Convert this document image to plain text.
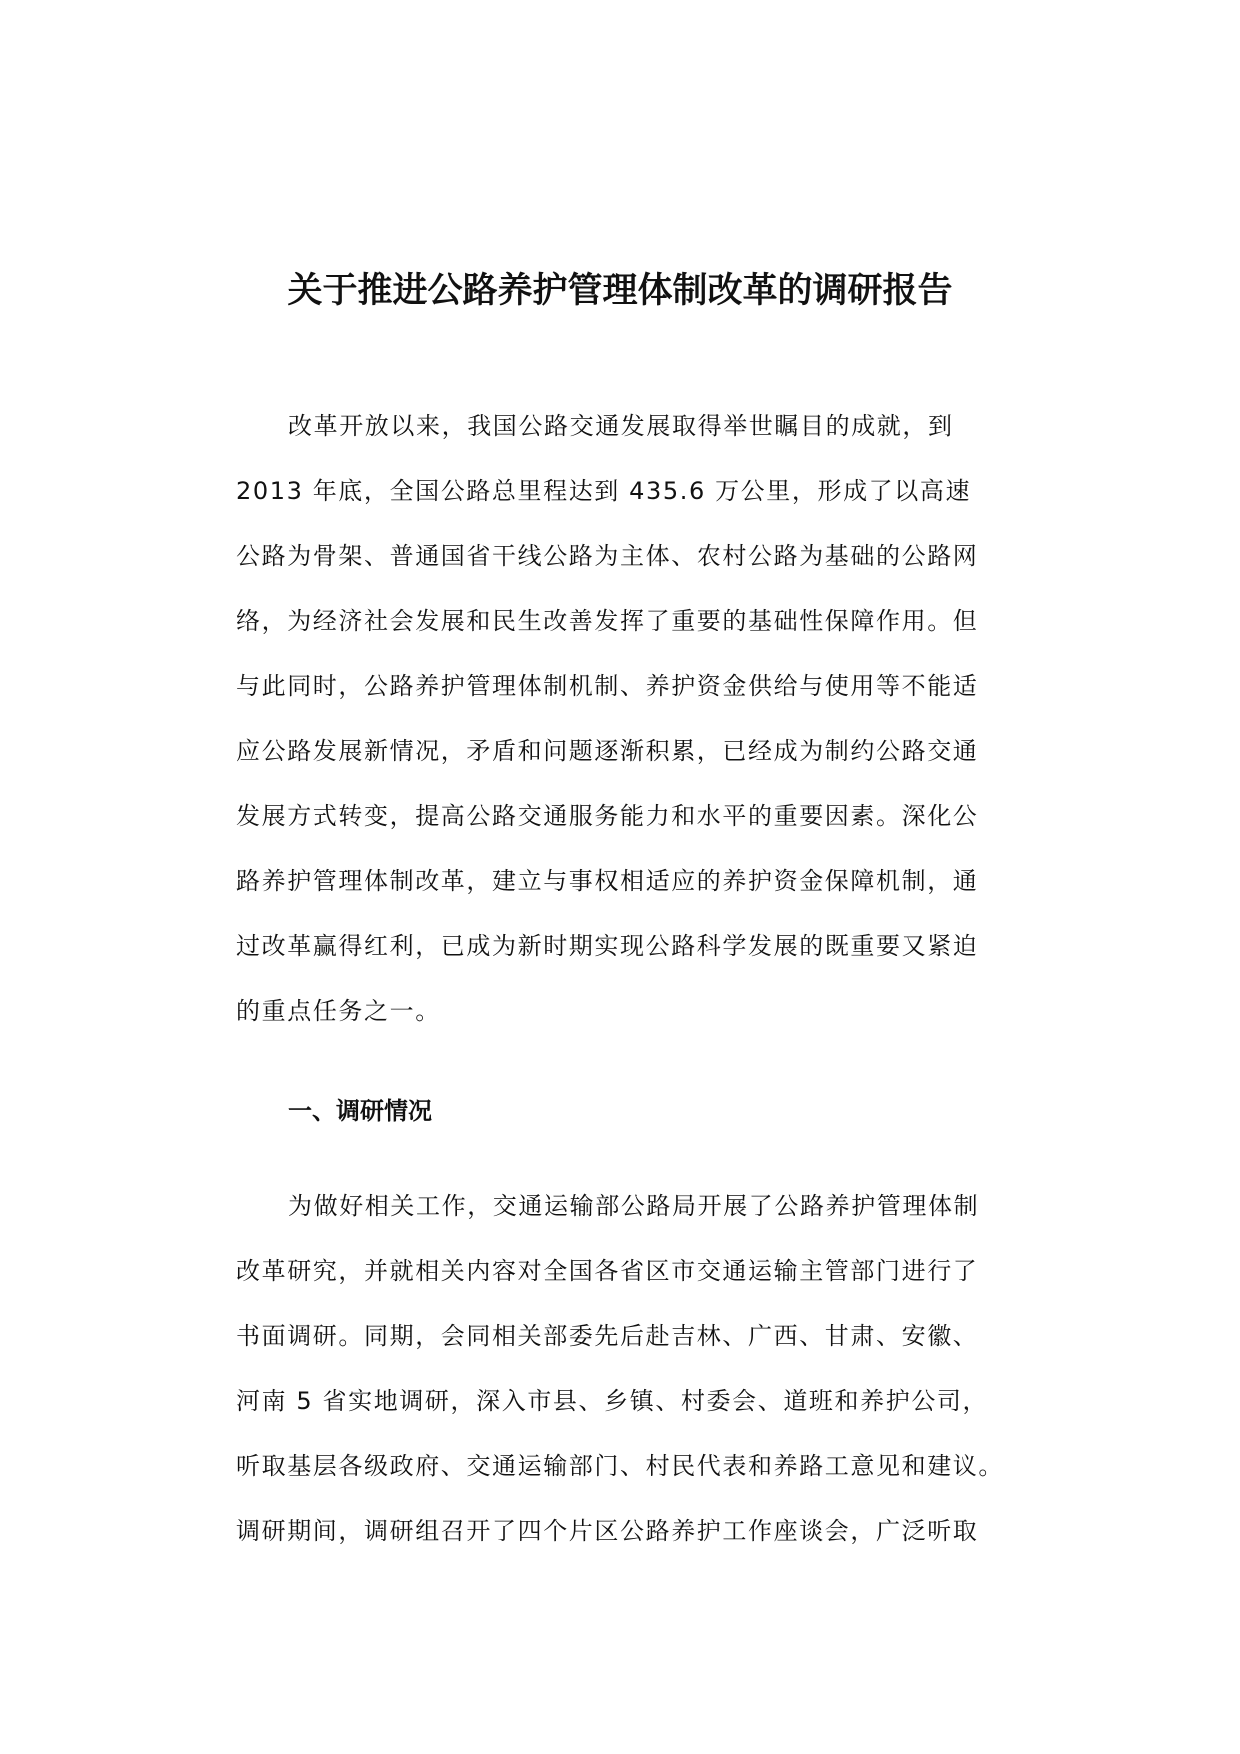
关于推进公路养护管理体制改革的调研报告
改革开放以来，我国公路交通发展取得举世瞩目的成就，到
2013 年底，全国公路总里程达到 435.6 万公里，形成了以高速
公路为骨架、普通国省干线公路为主体、农村公路为基础的公路网
络，为经济社会发展和民生改善发挥了重要的基础性保障作用。但
与此同时，公路养护管理体制机制、养护资金供给与使用等不能适
应公路发展新情况，矛盾和问题逐渐积累，已经成为制约公路交通
发展方式转变，提高公路交通服务能力和水平的重要因素。深化公
路养护管理体制改革，建立与事权相适应的养护资金保障机制，通
过改革赢得红利，已成为新时期实现公路科学发展的既重要又紧迫
的重点任务之一。
一、调研情况
为做好相关工作，交通运输部公路局开展了公路养护管理体制
改革研究，并就相关内容对全国各省区市交通运输主管部门进行了
书面调研。同期，会同相关部委先后赴吉林、广西、甘肃、安徽、
河南 5 省实地调研，深入市县、乡镇、村委会、道班和养护公司，
听取基层各级政府、交通运输部门、村民代表和养路工意见和建议。
调研期间，调研组召开了四个片区公路养护工作座谈会，广泛听取
